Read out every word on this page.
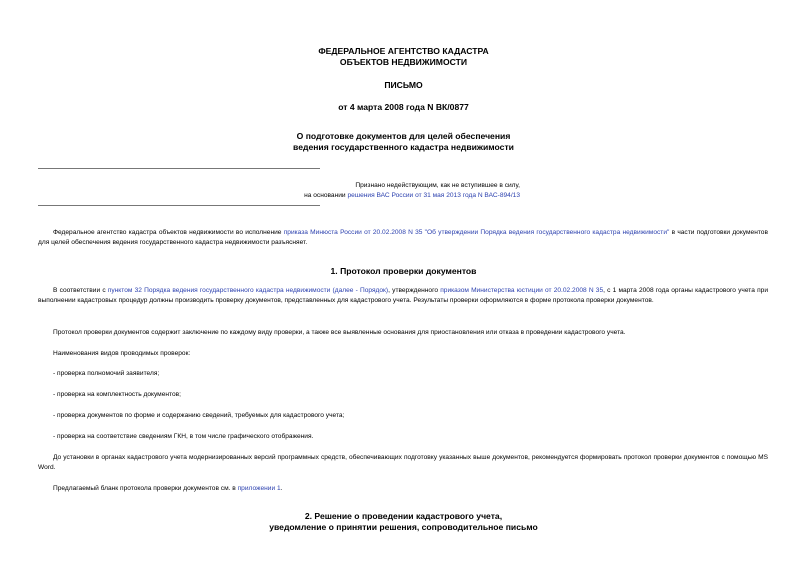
ФЕДЕРАЛЬНОЕ АГЕНТСТВО КАДАСТРА
ОБЪЕКТОВ НЕДВИЖИМОСТИ
ПИСЬМО
от 4 марта 2008 года N ВК/0877
О подготовке документов для целей обеспечения
ведения государственного кадастра недвижимости
Признано недействующим, как не вступившее в силу,
на основании решения ВАС России от 31 мая 2013 года N ВАС-894/13
Федеральное агентство кадастра объектов недвижимости во исполнение приказа Минюста России от 20.02.2008 N 35 "Об утверждении Порядка ведения государственного кадастра недвижимости" в части подготовки документов для целей обеспечения ведения государственного кадастра недвижимости разъясняет.
1. Протокол проверки документов
В соответствии с пунктом 32 Порядка ведения государственного кадастра недвижимости (далее - Порядок), утвержденного приказом Министерства юстиции от 20.02.2008 N 35, с 1 марта 2008 года органы кадастрового учета при выполнении кадастровых процедур должны производить проверку документов, представленных для кадастрового учета. Результаты проверки оформляются в форме протокола проверки документов.
Протокол проверки документов содержит заключение по каждому виду проверки, а также все выявленные основания для приостановления или отказа в проведении кадастрового учета.
Наименования видов проводимых проверок:
- проверка полномочий заявителя;
- проверка на комплектность документов;
- проверка документов по форме и содержанию сведений, требуемых для кадастрового учета;
- проверка на соответствие сведениям ГКН, в том числе графического отображения.
До установки в органах кадастрового учета модернизированных версий программных средств, обеспечивающих подготовку указанных выше документов, рекомендуется формировать протокол проверки документов с помощью MS Word.
Предлагаемый бланк протокола проверки документов см. в приложении 1.
2. Решение о проведении кадастрового учета,
уведомление о принятии решения, сопроводительное письмо
